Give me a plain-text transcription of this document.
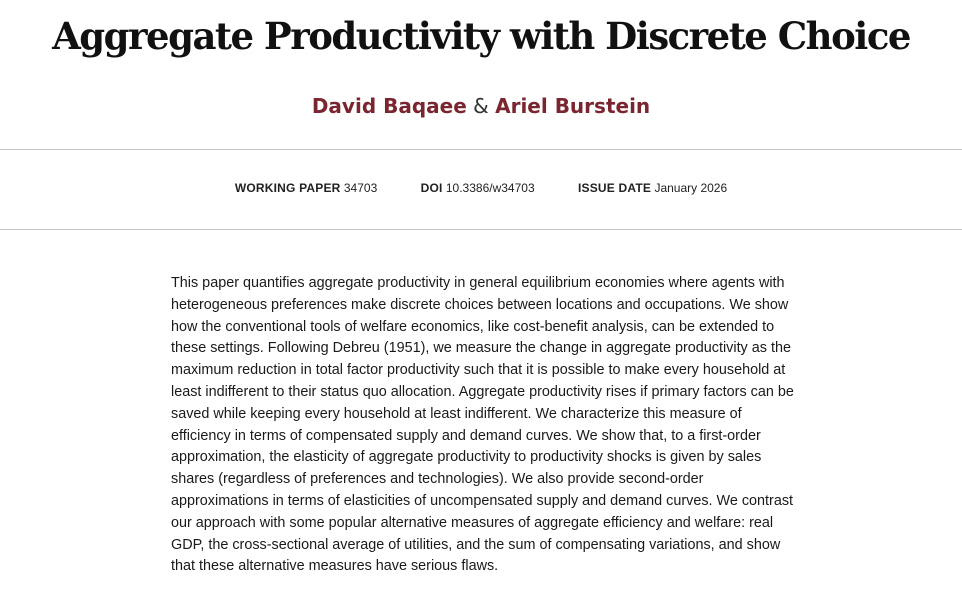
Aggregate Productivity with Discrete Choice
David Baqaee & Ariel Burstein
WORKING PAPER 34703	DOI 10.3386/w34703	ISSUE DATE January 2026

This paper quantifies aggregate productivity in general equilibrium economies where agents with heterogeneous preferences make discrete choices between locations and occupations. We show how the conventional tools of welfare economics, like cost-benefit analysis, can be extended to these settings. Following Debreu (1951), we measure the change in aggregate productivity as the maximum reduction in total factor productivity such that it is possible to make every household at least indifferent to their status quo allocation. Aggregate productivity rises if primary factors can be saved while keeping every household at least indifferent. We characterize this measure of efficiency in terms of compensated supply and demand curves. We show that, to a first-order approximation, the elasticity of aggregate productivity to productivity shocks is given by sales shares (regardless of preferences and technologies). We also provide second-order approximations in terms of elasticities of uncompensated supply and demand curves. We contrast our approach with some popular alternative measures of aggregate efficiency and welfare: real GDP, the cross-sectional average of utilities, and the sum of compensating variations, and show that these alternative measures have serious flaws.
